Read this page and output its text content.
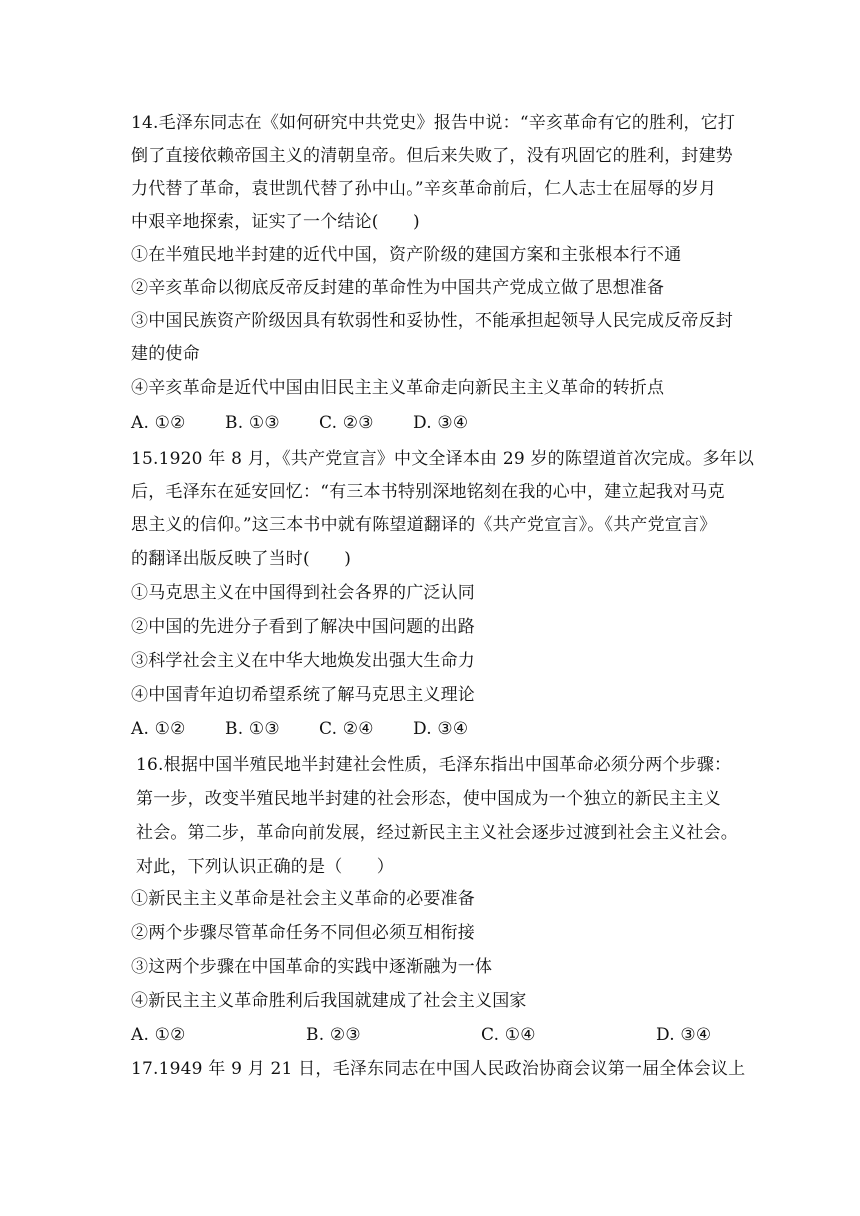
14.毛泽东同志在《如何研究中共党史》报告中说：“辛亥革命有它的胜利，它打
倒了直接依赖帝国主义的清朝皇帝。但后来失败了，没有巩固它的胜利，封建势
力代替了革命，袁世凯代替了孙中山。”辛亥革命前后，仁人志士在屈辱的岁月
中艰辛地探索，证实了一个结论(　　)
①在半殖民地半封建的近代中国，资产阶级的建国方案和主张根本行不通
②辛亥革命以彻底反帝反封建的革命性为中国共产党成立做了思想准备
③中国民族资产阶级因具有软弱性和妥协性，不能承担起领导人民完成反帝反封
建的使命
④辛亥革命是近代中国由旧民主主义革命走向新民主主义革命的转折点
A. ①② B. ①③ C. ②③ D. ③④
15.1920 年 8 月，《共产党宣言》中文全译本由 29 岁的陈望道首次完成。多年以
后，毛泽东在延安回忆：“有三本书特别深地铭刻在我的心中，建立起我对马克
思主义的信仰。”这三本书中就有陈望道翻译的《共产党宣言》。《共产党宣言》
的翻译出版反映了当时(　　)
①马克思主义在中国得到社会各界的广泛认同
②中国的先进分子看到了解决中国问题的出路
③科学社会主义在中华大地焕发出强大生命力
④中国青年迫切希望系统了解马克思主义理论
A. ①② B. ①③ C. ②④ D. ③④
16.根据中国半殖民地半封建社会性质，毛泽东指出中国革命必须分两个步骤：
第一步，改变半殖民地半封建的社会形态，使中国成为一个独立的新民主主义
社会。第二步，革命向前发展，经过新民主主义社会逐步过渡到社会主义社会。
对此，下列认识正确的是（　　）
①新民主主义革命是社会主义革命的必要准备
②两个步骤尽管革命任务不同但必须互相衔接
③这两个步骤在中国革命的实践中逐渐融为一体
④新民主主义革命胜利后我国就建成了社会主义国家
A. ①②	B. ②③	C. ①④	D. ③④
17.1949 年 9 月 21 日，毛泽东同志在中国人民政治协商会议第一届全体会议上
